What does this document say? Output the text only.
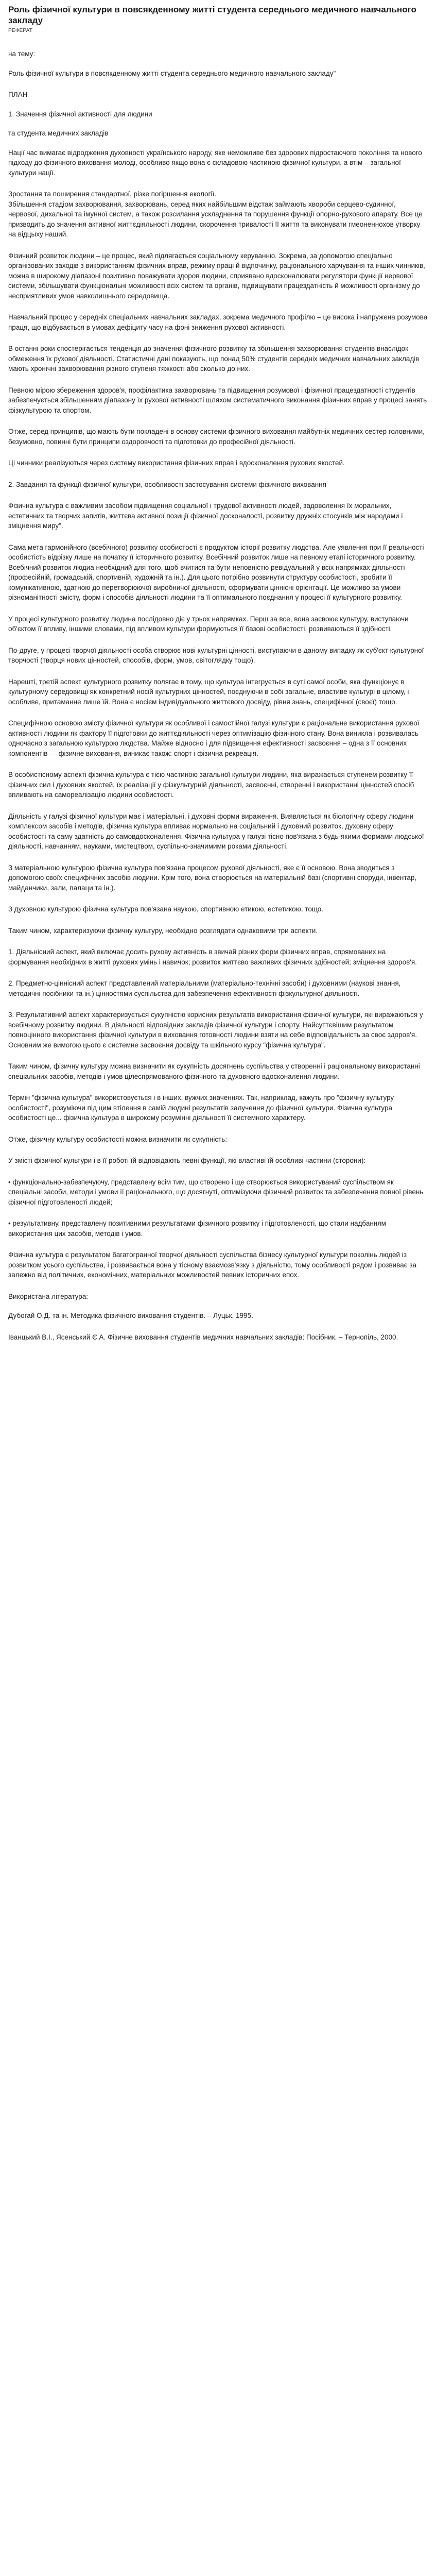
Роль фізичної культури в повсякденному житті студента середнього медичного навчального закладу
РЕФЕРАТ

на тему:

Роль фізичної культури в повсякденному житті студента середнього медичного навчального закладу"

ПЛАН

1. Значення фізичної активності для людини

та студента медичних закладів

Нації час вимагає відродження духовності українського народу, яке неможливе без здорових підростаючого покоління та нового підходу до фізичного виховання молоді, особливо якщо вона є складовою частиною фізичної культури, а втім – загальної культури нації.

Зростання та поширення стандартної, різке погіршення екології.
Збільшення стадіом захворювання, захворювань, серед яких найбільшим відстаж займають хвороби серцево-судинної, нервової, дихальної та імунної систем, а також розсилання ускладнення та порушення функції опорно-рухового апарату. Все це призводить до значення активної життєдіяльності людини, скорочення тривалості її життя та виконувати гмеоненнохов утворку на відцыху наший.

Фізичний розвиток людини – це процес, який підлягається соціальному керуванню. Зокрема, за допомогою спеціально організованих заходів з використанням фізичних вправ, режиму праці й відпочинку, раціонального харчування та інших чинників, можна в широкому діапазоні позитивно поважувати здоров людини, сприявано вдосконалювати регулятори функції нервової системи, збільшувати функціональні можливості всіх систем та органів, підвищувати працездатність й можливості організму до несприятливих умов навколишнього середовища.

Навчальний процес у середніх спеціальних навчальних закладах, зокрема медичного профілю – це висока і напружена розумова праця, що відбувається в умовах дефіциту часу на фоні зниження рухової активності.

В останні роки спостерігається тенденція до значення фізичного розвитку та збільшення захворювання студентів внаслідок обмеження їх рухової діяльності. Статистичні дані показують, що понад 50% студентів середніх медичних навчальних закладів мають хронічні захворювання різного ступеня тяжкості або сколько до них.

Певною мірою збереження здоров'я, профілактика захворювань та підвищення розумової і фізичної працездатності студентів забезпечується збільшенням діапазону їх рухової активності шляхом систематичного виконання фізичних вправ у процесі занять фізкультурою та спортом.

Отже, серед принципів, що мають бути покладені в основу системи фізичного виховання майбутніх медичних сестер головними, безумовно, повинні бути принципи оздоровчості та підготовки до професійної діяльності.

Ці чинники реалізуються через систему використання фізичних вправ і вдосконалення рухових якостей.

2. Завдання та функції фізичної культури, особливості застосування системи фізичного виховання

Фізична культура є важливим засобом підвищення соціальної і трудової активності людей, задоволення їх моральних, естетичних та творчих запитів, життєва активної позиції фізичної досконалості, розвитку дружніх стосунків між народами і зміцнення миру".

Сама мета гармонійного (всебічного) розвитку особистості є продуктом історії розвитку людства. Але уявлення при її реальності особистість відрізку лише на початку її історичного розвитку. Всебічний розвиток лише на певному етапі історичного розвитку. Всебічний розвиток людиа необхідний для того, щоб вчитися та бути неповністю ревідуальний у всіх напрямках діяльності (професійній, громадській, спортивній, художній та ін.). Для цього потрібно розвинути структуру особистості, зробити її комунікативною, здатною до перетворюючої виробничої діяльності, сформувати ціннісні орієнтації. Це можливо за умови різноманітності змісту, форм і способів діяльності людини та її оптимального поєднання у процесі її культурного розвитку.

У процесі культурного розвитку людина послідовно діє у трьох напрямках. Перш за все, вона засвоює культуру, виступаючи об'єктом її впливу, іншими словами, під впливом культури формуються її базові особистості, розвиваються її здібності.

По-друге, у процесі творчої діяльності особа створює нові культурні цінності, виступаючи в даному випадку як суб'єкт культурної творчості (творця нових цінностей, способів, форм, умов, світоглядку тощо).

Нарешті, третій аспект культурного розвитку полягає в тому, що культура інтегрується в суті самої особи, яка функціонує в культурному середовищі як конкретний носій культурних цінностей, поєднуючи в собі загальне, властиве культурі в цілому, і особливе, притаманне лише їй. Вона є носієм індивідуального життєвого досвіду, рівня знань, специфічної (своєї) тощо.

Специфічною основою змісту фізичної культури як особливої і самостійної галузі культури є раціональне використання рухової активності людини як фактору її підготовки до життєдіяльності через оптимізацію фізичного стану. Вона виникла і розвивалась одночасно з загальною культурою людства. Майже відносно і для підвищення ефективності засвоєння – одна з її основних компонентів — фізичне виховання, виникає також: спорт і фізична рекреація.

В особистісному аспекті фізична культура є тією частиною загальної культури людини, яка виражається ступенем розвитку її фізичних сил і духовних якостей, їх реалізації у фізкультурній діяльності, засвоєнні, створенні і використанні цінностей спосіб впливають на самореалізацію людини особистості.

Діяльність у галузі фізичної культури має і матеріальні, і духовні форми вираження. Виявляється як біологічну сферу людини комплексом засобів і методів, фізична культура впливає нормально на соціальний і духовний розвиток, духовну сферу особистості та саму здатність до самовдосконалення. Фізична культура у галузі тісно пов'язана з будь-якими формами людської діяльності, навчанням, науками, мистецтвом, суспільно-значимими роками діяльності.

З матеріальною культурою фізична культура пов'язана процесом рухової діяльності, яке є її основою. Вона зводиться з допомогою своїх специфічних засобів людини. Крім того, вона створюється на матеріальній базі (спортивні споруди, інвентар, майданчики, зали, палаци та ін.).

З духовною культурою фізична культура пов'язана наукою, спортивною етикою, естетикою, тощо.

Таким чином, характеризуючи фізичну культуру, необхідно розглядати однаковими три аспекти.

1. Діяльнісний аспект, який включає досить рухову активність в звичай різних форм фізичних вправ, спрямованих на формування необхідних в житті рухових умінь і навичок; розвиток життєво важливих фізичних здібностей; зміцнення здоров'я.

2. Предметно-ціннісний аспект представлений матеріальними (матеріально-технічні засоби) і духовними (наукові знання, методичні посібники та ін.) цінностями суспільства для забезпечення ефективності фізкультурної діяльності.

3. Результативний аспект характеризується сукупністю корисних результатів використання фізичної культури, які виражаються у всебічному розвитку людини. В діяльності відповідних закладів фізичної культури і спорту. Найсуттєвішим результатом повноцінного використання фізичної культури в виховання готовності людини взяти на себе відповідальність за своє здоров'я. Основним же вимогою цього є системне засвоєння досвіду та шкільного курсу "фізична культура".

Таким чином, фізичну культуру можна визначити як сукупність досягнень суспільства у створенні і раціональному використанні спеціальних засобів, методів і умов цілеспрямованого фізичного та духовного вдосконалення людини.

Термін "фізична культура" використовується і в інших, вужчих значеннях. Так, наприклад, кажуть про "фізичну культуру особистості", розуміючи під цим втілення в самій людині результатів залучення до фізичної культури. Фізична культура особистості це... фізична культура в широкому розумінні діяльності її системного характеру.

Отже, фізичну культуру особистості можна визначити як сукупність:

У змісті фізичної культури і в її роботі їй відповідають певні функції, які властиві їй особливі частини (сторони):

• функціонально-забезпечуючу, представлену всім тим, що створено і ще створюється використуваний суспільством як спеціальні засоби, методи і умови її раціонального, що досягнуті, оптимізуючи фізичний розвиток та забезпечення повної рівень фізичної підготовленості людей;

• результативну, представлену позитивними результатами фізичного розвитку і підготовленості, що стали надбанням використання цих засобів, методів і умов.

Фізична культура є результатом багатогранної творчої діяльності суспільства бізнесу культурної культури поколінь людей із розвитком усього суспільства, і розвивається вона у тісному взаємозв'язку з діяльністю, тому особливості рядом і розвиває за залежно від політичних, економічних, матеріальних можливостей певних історичних епох.

Використана література:

Дубогай О.Д. та ін. Методика фізичного виховання студентів. – Луцьк, 1995.

Іванцький В.І., Ясенський Є.А. Фізичне виховання студентів медичних навчальних закладів: Посібник. – Тернопіль, 2000.
